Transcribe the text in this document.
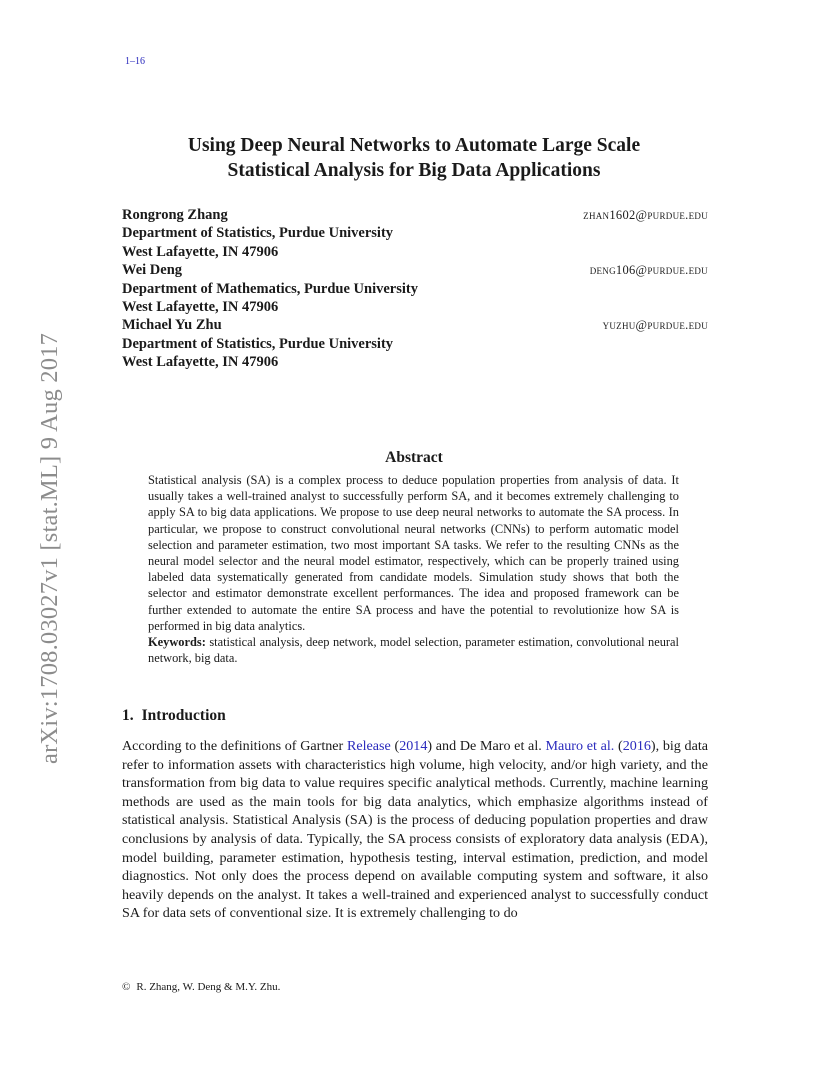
1–16
arXiv:1708.03027v1 [stat.ML] 9 Aug 2017
Using Deep Neural Networks to Automate Large Scale
Statistical Analysis for Big Data Applications
Rongrong Zhang	zhan1602@purdue.edu
Department of Statistics, Purdue University
West Lafayette, IN 47906
Wei Deng	deng106@purdue.edu
Department of Mathematics, Purdue University
West Lafayette, IN 47906
Michael Yu Zhu	yuzhu@purdue.edu
Department of Statistics, Purdue University
West Lafayette, IN 47906
Abstract

Statistical analysis (SA) is a complex process to deduce population properties from analysis of data. It usually takes a well-trained analyst to successfully perform SA, and it becomes extremely challenging to apply SA to big data applications. We propose to use deep neural networks to automate the SA process. In particular, we propose to construct convolutional neural networks (CNNs) to perform automatic model selection and parameter estimation, two most important SA tasks. We refer to the resulting CNNs as the neural model selector and the neural model estimator, respectively, which can be properly trained using labeled data systematically generated from candidate models. Simulation study shows that both the selector and estimator demonstrate excellent performances. The idea and proposed framework can be further extended to automate the entire SA process and have the potential to revolutionize how SA is performed in big data analytics.

Keywords: statistical analysis, deep network, model selection, parameter estimation, convolutional neural network, big data.

1. Introduction
According to the definitions of Gartner Release (2014) and De Maro et al. Mauro et al. (2016), big data refer to information assets with characteristics high volume, high velocity, and/or high variety, and the transformation from big data to value requires specific analytical methods. Currently, machine learning methods are used as the main tools for big data analytics, which emphasize algorithms instead of statistical analysis. Statistical Analysis (SA) is the process of deducing population properties and draw conclusions by analysis of data. Typically, the SA process consists of exploratory data analysis (EDA), model building, parameter estimation, hypothesis testing, interval estimation, prediction, and model diagnostics. Not only does the process depend on available computing system and software, it also heavily depends on the analyst. It takes a well-trained and experienced analyst to successfully conduct SA for data sets of conventional size. It is extremely challenging to do
© R. Zhang, W. Deng & M.Y. Zhu.
